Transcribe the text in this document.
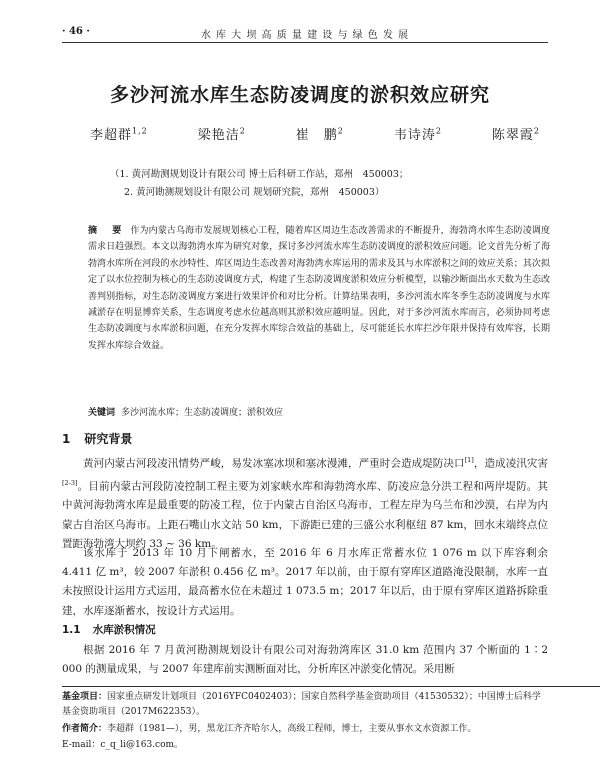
· 46 ·	水 库 大 坝 高 质 量 建 设 与 绿 色 发 展
多沙河流水库生态防凌调度的淤积效应研究
李超群$^{1,2}$	梁艳洁$^2$	崔　鹏$^2$	韦诗涛$^2$	陈翠霞$^2$
（1. 黄河勘测规划设计有限公司 博士后科研工作站，郑州　450003；
2. 黄河勘测规划设计有限公司 规划研究院，郑州　450003）

摘　要 作为内蒙古乌海市发展规划核心工程，随着库区周边生态改善需求的不断提升，海勃湾水库生态防凌调度需求日趋强烈。本文以海勃湾水库为研究对象，探讨多沙河流水库生态防凌调度的淤积效应问题。论文首先分析了海勃湾水库所在河段的水沙特性、库区周边生态改善对海勃湾水库运用的需求及其与水库淤积之间的效应关系；其次拟定了以水位控制为核心的生态防凌调度方式，构建了生态防凌调度淤积效应分析模型，以输沙断面出水天数为生态改善判别指标，对生态防凌调度方案进行效果评价和对比分析。计算结果表明，多沙河流水库冬季生态防凌调度与水库减淤存在明显博弈关系，生态调度考虑水位越高则其淤积效应越明显。因此，对于多沙河流水库而言，必须协同考虑生态防凌调度与水库淤积问题，在充分发挥水库综合效益的基础上，尽可能延长水库拦沙年限并保持有效库容，长期发挥水库综合效益。

关键词 多沙河流水库；生态防凌调度；淤积效应
1 研究背景

黄河内蒙古河段凌汛情势严峻，易发冰塞冰坝和塞冰漫滩，严重时会造成堤防决口[1]，造成凌汛灾害[2-3]。目前内蒙古河段防凌控制工程主要为刘家峡水库和海勃湾水库、防凌应急分洪工程和两岸堤防。其中黄河海勃湾水库是最重要的防凌工程，位于内蒙古自治区乌海市，工程左岸为乌兰布和沙漠，右岸为内蒙古自治区乌海市。上距石嘴山水文站 50 km，下游距已建的三盛公水利枢纽 87 km，回水末端终点位置距海勃湾大坝约 33 ~ 36 km。

该水库于 2013 年 10 月下闸蓄水，至 2016 年 6 月水库正常蓄水位 1 076 m 以下库容剩余 4.411 亿 m³，较 2007 年淤积 0.456 亿 m³。2017 年以前，由于原有穿库区道路淹没限制，水库一直未按照设计运用方式运用，最高蓄水位在未超过 1 073.5 m；2017 年以后，由于原有穿库区道路拆除重建，水库逐渐蓄水，按设计方式运用。

1.1 水库淤积情况

根据 2016 年 7 月黄河勘测规划设计有限公司对海勃湾库区 31.0 km 范围内 37 个断面的 1∶2 000 的测量成果，与 2007 年建库前实测断面对比，分析库区冲淤变化情况。采用断

基金项目：国家重点研发计划项目（2016YFC0402403）；国家自然科学基金资助项目（41530532）；中国博士后科学基金资助项目（2017M622353）。

作者简介：李超群（1981—），男，黑龙江齐齐哈尔人，高级工程师，博士，主要从事水文水资源工作。

E-mail：c_q_li@163.com。
